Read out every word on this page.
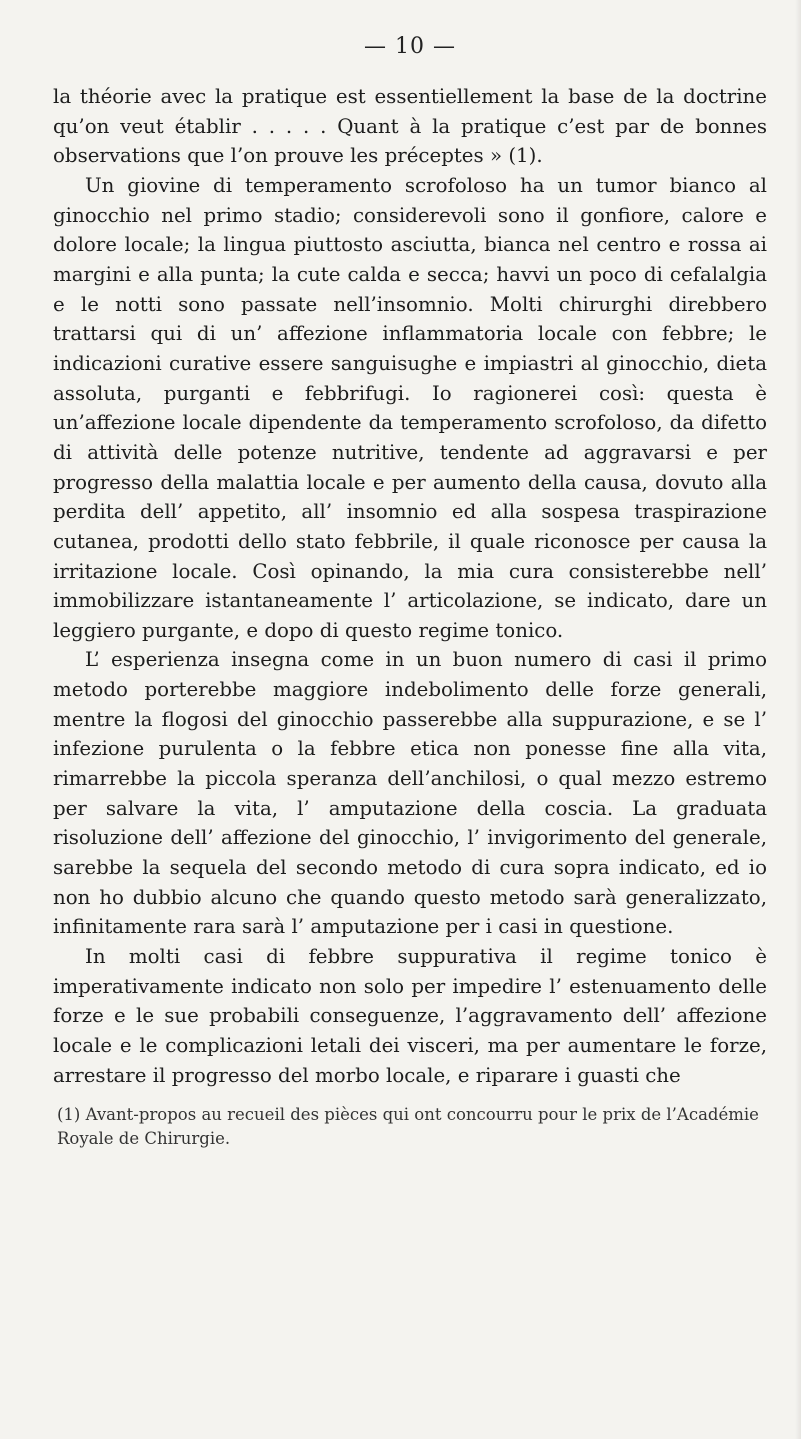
— 10 —

la théorie avec la pratique est essentiellement la base de la doctrine qu’on veut établir . . . . . Quant à la pratique c’est par de bonnes observations que l’on prouve les préceptes » (1).

Un giovine di temperamento scrofoloso ha un tumor bianco al ginocchio nel primo stadio; considerevoli sono il gonfiore, calore e dolore locale; la lingua piuttosto asciutta, bianca nel centro e rossa ai margini e alla punta; la cute calda e secca; havvi un poco di cefalalgia e le notti sono passate nell’insomnio. Molti chirurghi direbbero trattarsi qui di un’ affezione inflammatoria locale con febbre; le indicazioni curative essere sanguisughe e impiastri al ginocchio, dieta assoluta, purganti e febbrifugi. Io ragionerei così: questa è un’affezione locale dipendente da temperamento scrofoloso, da difetto di attività delle potenze nutritive, tendente ad aggravarsi e per progresso della malattia locale e per aumento della causa, dovuto alla perdita dell’ appetito, all’ insomnio ed alla sospesa traspirazione cutanea, prodotti dello stato febbrile, il quale riconosce per causa la irritazione locale. Così opinando, la mia cura consisterebbe nell’ immobilizzare istantaneamente l’ articolazione, se indicato, dare un leggiero purgante, e dopo di questo regime tonico.

L’ esperienza insegna come in un buon numero di casi il primo metodo porterebbe maggiore indebolimento delle forze generali, mentre la flogosi del ginocchio passerebbe alla suppurazione, e se l’ infezione purulenta o la febbre etica non ponesse fine alla vita, rimarrebbe la piccola speranza dell’anchilosi, o qual mezzo estremo per salvare la vita, l’ amputazione della coscia. La graduata risoluzione dell’ affezione del ginocchio, l’ invigorimento del generale, sarebbe la sequela del secondo metodo di cura sopra indicato, ed io non ho dubbio alcuno che quando questo metodo sarà generalizzato, infinitamente rara sarà l’ amputazione per i casi in questione.

In molti casi di febbre suppurativa il regime tonico è imperativamente indicato non solo per impedire l’ estenuamento delle forze e le sue probabili conseguenze, l’aggravamento dell’ affezione locale e le complicazioni letali dei visceri, ma per aumentare le forze, arrestare il progresso del morbo locale, e riparare i guasti che

(1) Avant-propos au recueil des pièces qui ont concourru pour le prix de l’Académie Royale de Chirurgie.
